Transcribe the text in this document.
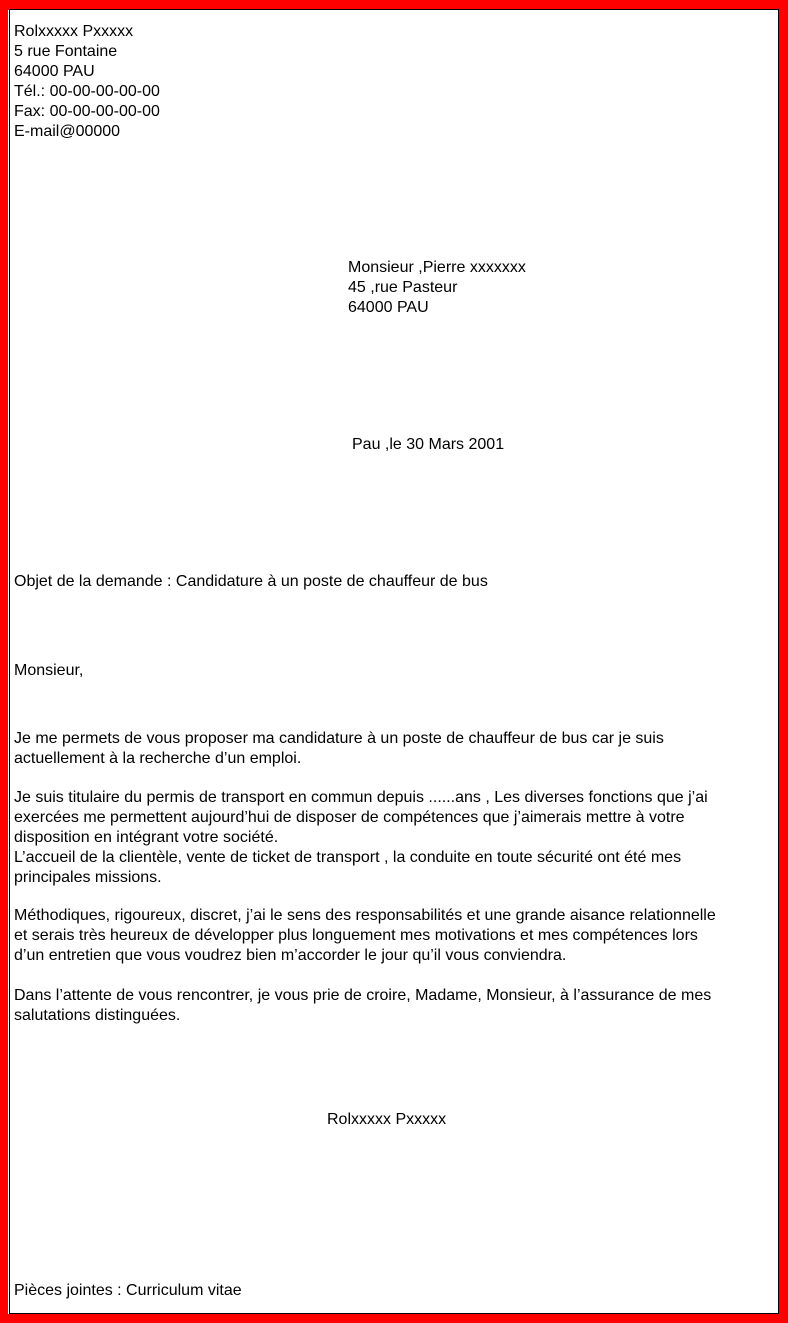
Rolxxxxx Pxxxxx
5 rue Fontaine
64000 PAU
Tél.: 00-00-00-00-00
Fax: 00-00-00-00-00
E-mail@00000
Monsieur ,Pierre xxxxxxx
45 ,rue Pasteur
64000 PAU
Pau ,le 30 Mars 2001
Objet de la demande : Candidature à un poste de chauffeur de bus
Monsieur,
Je me permets de vous proposer ma candidature à un poste de chauffeur de bus car je suis
actuellement à la recherche d’un emploi.
Je suis titulaire du permis de transport en commun depuis ......ans , Les diverses fonctions que j’ai
exercées me permettent aujourd’hui de disposer de compétences que j’aimerais mettre à votre
disposition en intégrant votre société.
L’accueil de la clientèle, vente de ticket de transport , la conduite en toute sécurité ont été mes
principales missions.
Méthodiques, rigoureux, discret, j’ai le sens des responsabilités et une grande aisance relationnelle
et serais très heureux de développer plus longuement mes motivations et mes compétences lors
d’un entretien que vous voudrez bien m’accorder le jour qu’il vous conviendra.
Dans l’attente de vous rencontrer, je vous prie de croire, Madame, Monsieur, à l’assurance de mes
salutations distinguées.
Rolxxxxx Pxxxxx
Pièces jointes : Curriculum vitae
